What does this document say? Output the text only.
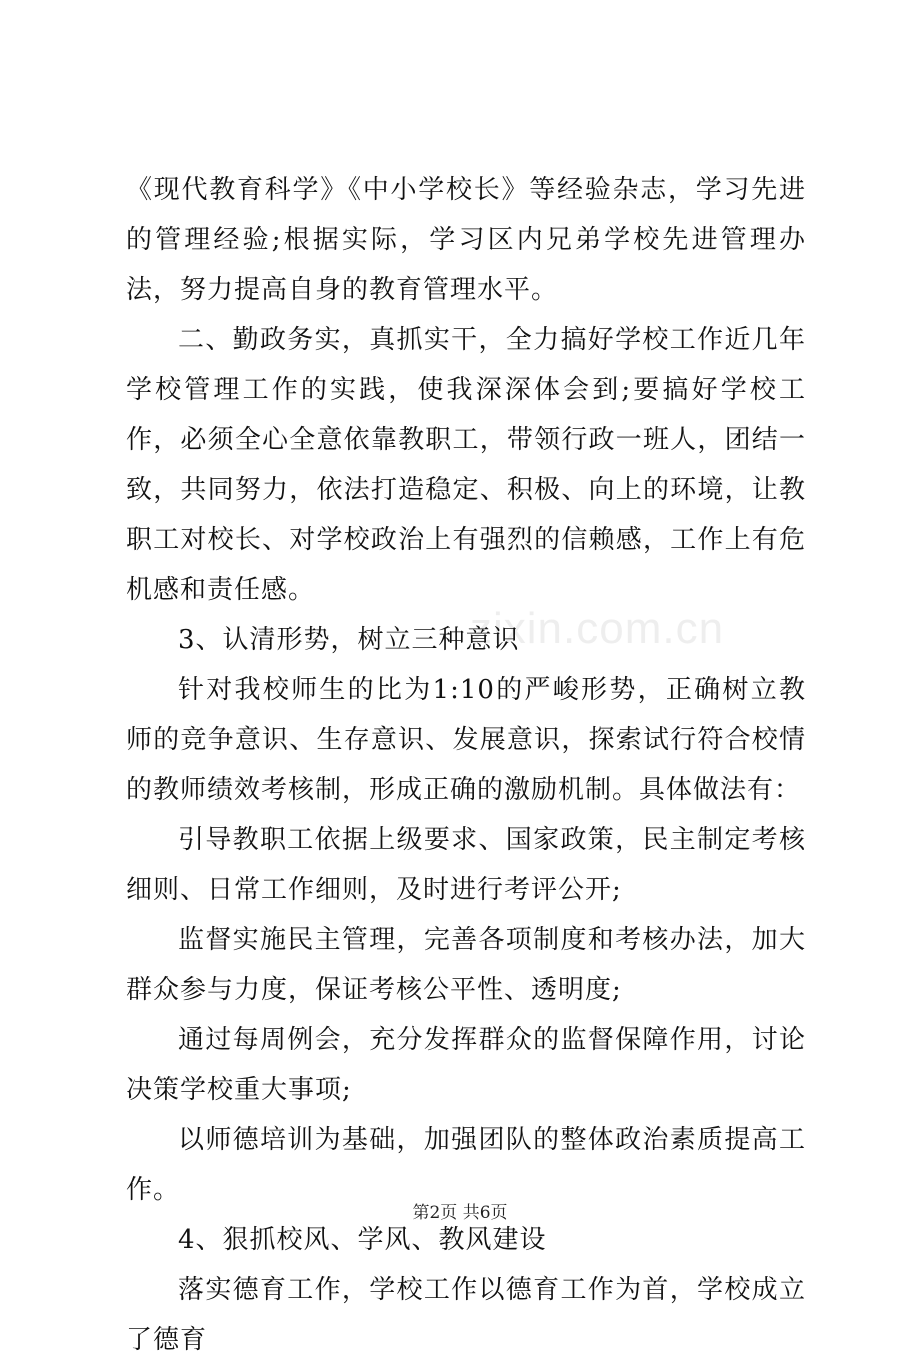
zixin.com.cn

《现代教育科学》《中小学校长》等经验杂志，学习先进的管理经验;根据实际，学习区内兄弟学校先进管理办法，努力提高自身的教育管理水平。

二、勤政务实，真抓实干，全力搞好学校工作近几年学校管理工作的实践，使我深深体会到;要搞好学校工作，必须全心全意依靠教职工，带领行政一班人，团结一致，共同努力，依法打造稳定、积极、向上的环境，让教职工对校长、对学校政治上有强烈的信赖感，工作上有危机感和责任感。

3、认清形势，树立三种意识

针对我校师生的比为1:10的严峻形势，正确树立教师的竞争意识、生存意识、发展意识，探索试行符合校情的教师绩效考核制，形成正确的激励机制。具体做法有：

引导教职工依据上级要求、国家政策，民主制定考核细则、日常工作细则，及时进行考评公开;

监督实施民主管理，完善各项制度和考核办法，加大群众参与力度，保证考核公平性、透明度;

通过每周例会，充分发挥群众的监督保障作用，讨论决策学校重大事项;

以师德培训为基础，加强团队的整体政治素质提高工作。

4、狠抓校风、学风、教风建设

落实德育工作，学校工作以德育工作为首，学校成立了德育

第2页 共6页
